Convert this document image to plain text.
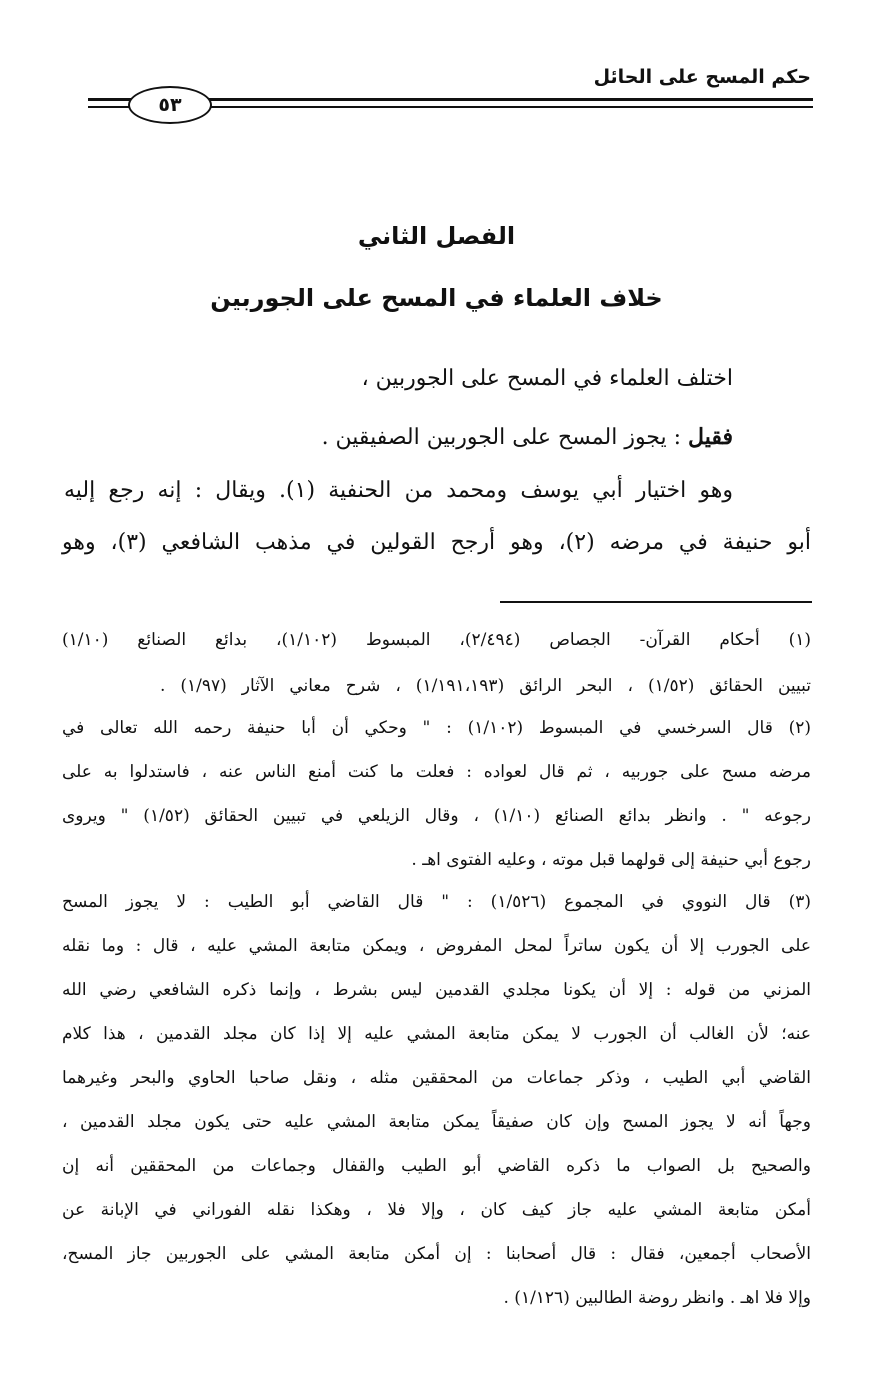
حكم المسح على الحائل
٥٣
الفصل الثاني
خلاف العلماء في المسح على الجوربين
اختلف العلماء في المسح على الجوربين ،
فقيل : يجوز المسح على الجوربين الصفيقين .
وهو اختيار أبي يوسف ومحمد من الحنفية (١). ويقال : إنه رجع إليه
أبو حنيفة في مرضه (٢)، وهو أرجح القولين في مذهب الشافعي (٣)، وهو
(١) أحكام القرآن- الجصاص (٢/٤٩٤)، المبسوط (١/١٠٢)، بدائع الصنائع (١/١٠)
تبيين الحقائق (١/٥٢) ، البحر الرائق (١/١٩١،١٩٣) ، شرح معاني الآثار (١/٩٧) .
(٢) قال السرخسي في المبسوط (١/١٠٢) : " وحكي أن أبا حنيفة رحمه الله تعالى في
مرضه مسح على جوربيه ، ثم قال لعواده : فعلت ما كنت أمنع الناس عنه ، فاستدلوا به على
رجوعه " . وانظر بدائع الصنائع (١/١٠) ، وقال الزيلعي في تبيين الحقائق (١/٥٢) " ويروى
رجوع أبي حنيفة إلى قولهما قبل موته ، وعليه الفتوى اهـ .
(٣) قال النووي في المجموع (١/٥٢٦) : " قال القاضي أبو الطيب : لا يجوز المسح
على الجورب إلا أن يكون ساتراً لمحل المفروض ، ويمكن متابعة المشي عليه ، قال : وما نقله
المزني من قوله : إلا أن يكونا مجلدي القدمين ليس بشرط ، وإنما ذكره الشافعي رضي الله
عنه؛ لأن الغالب أن الجورب لا يمكن متابعة المشي عليه إلا إذا كان مجلد القدمين ، هذا كلام
القاضي أبي الطيب ، وذكر جماعات من المحققين مثله ، ونقل صاحبا الحاوي والبحر وغيرهما
وجهاً أنه لا يجوز المسح وإن كان صفيقاً يمكن متابعة المشي عليه حتى يكون مجلد القدمين ،
والصحيح بل الصواب ما ذكره القاضي أبو الطيب والقفال وجماعات من المحققين أنه إن
أمكن متابعة المشي عليه جاز كيف كان ، وإلا فلا ، وهكذا نقله الفوراني في الإبانة عن
الأصحاب أجمعين، فقال : قال أصحابنا : إن أمكن متابعة المشي على الجوربين جاز المسح،
وإلا فلا اهـ . وانظر روضة الطالبين (١/١٢٦) .
